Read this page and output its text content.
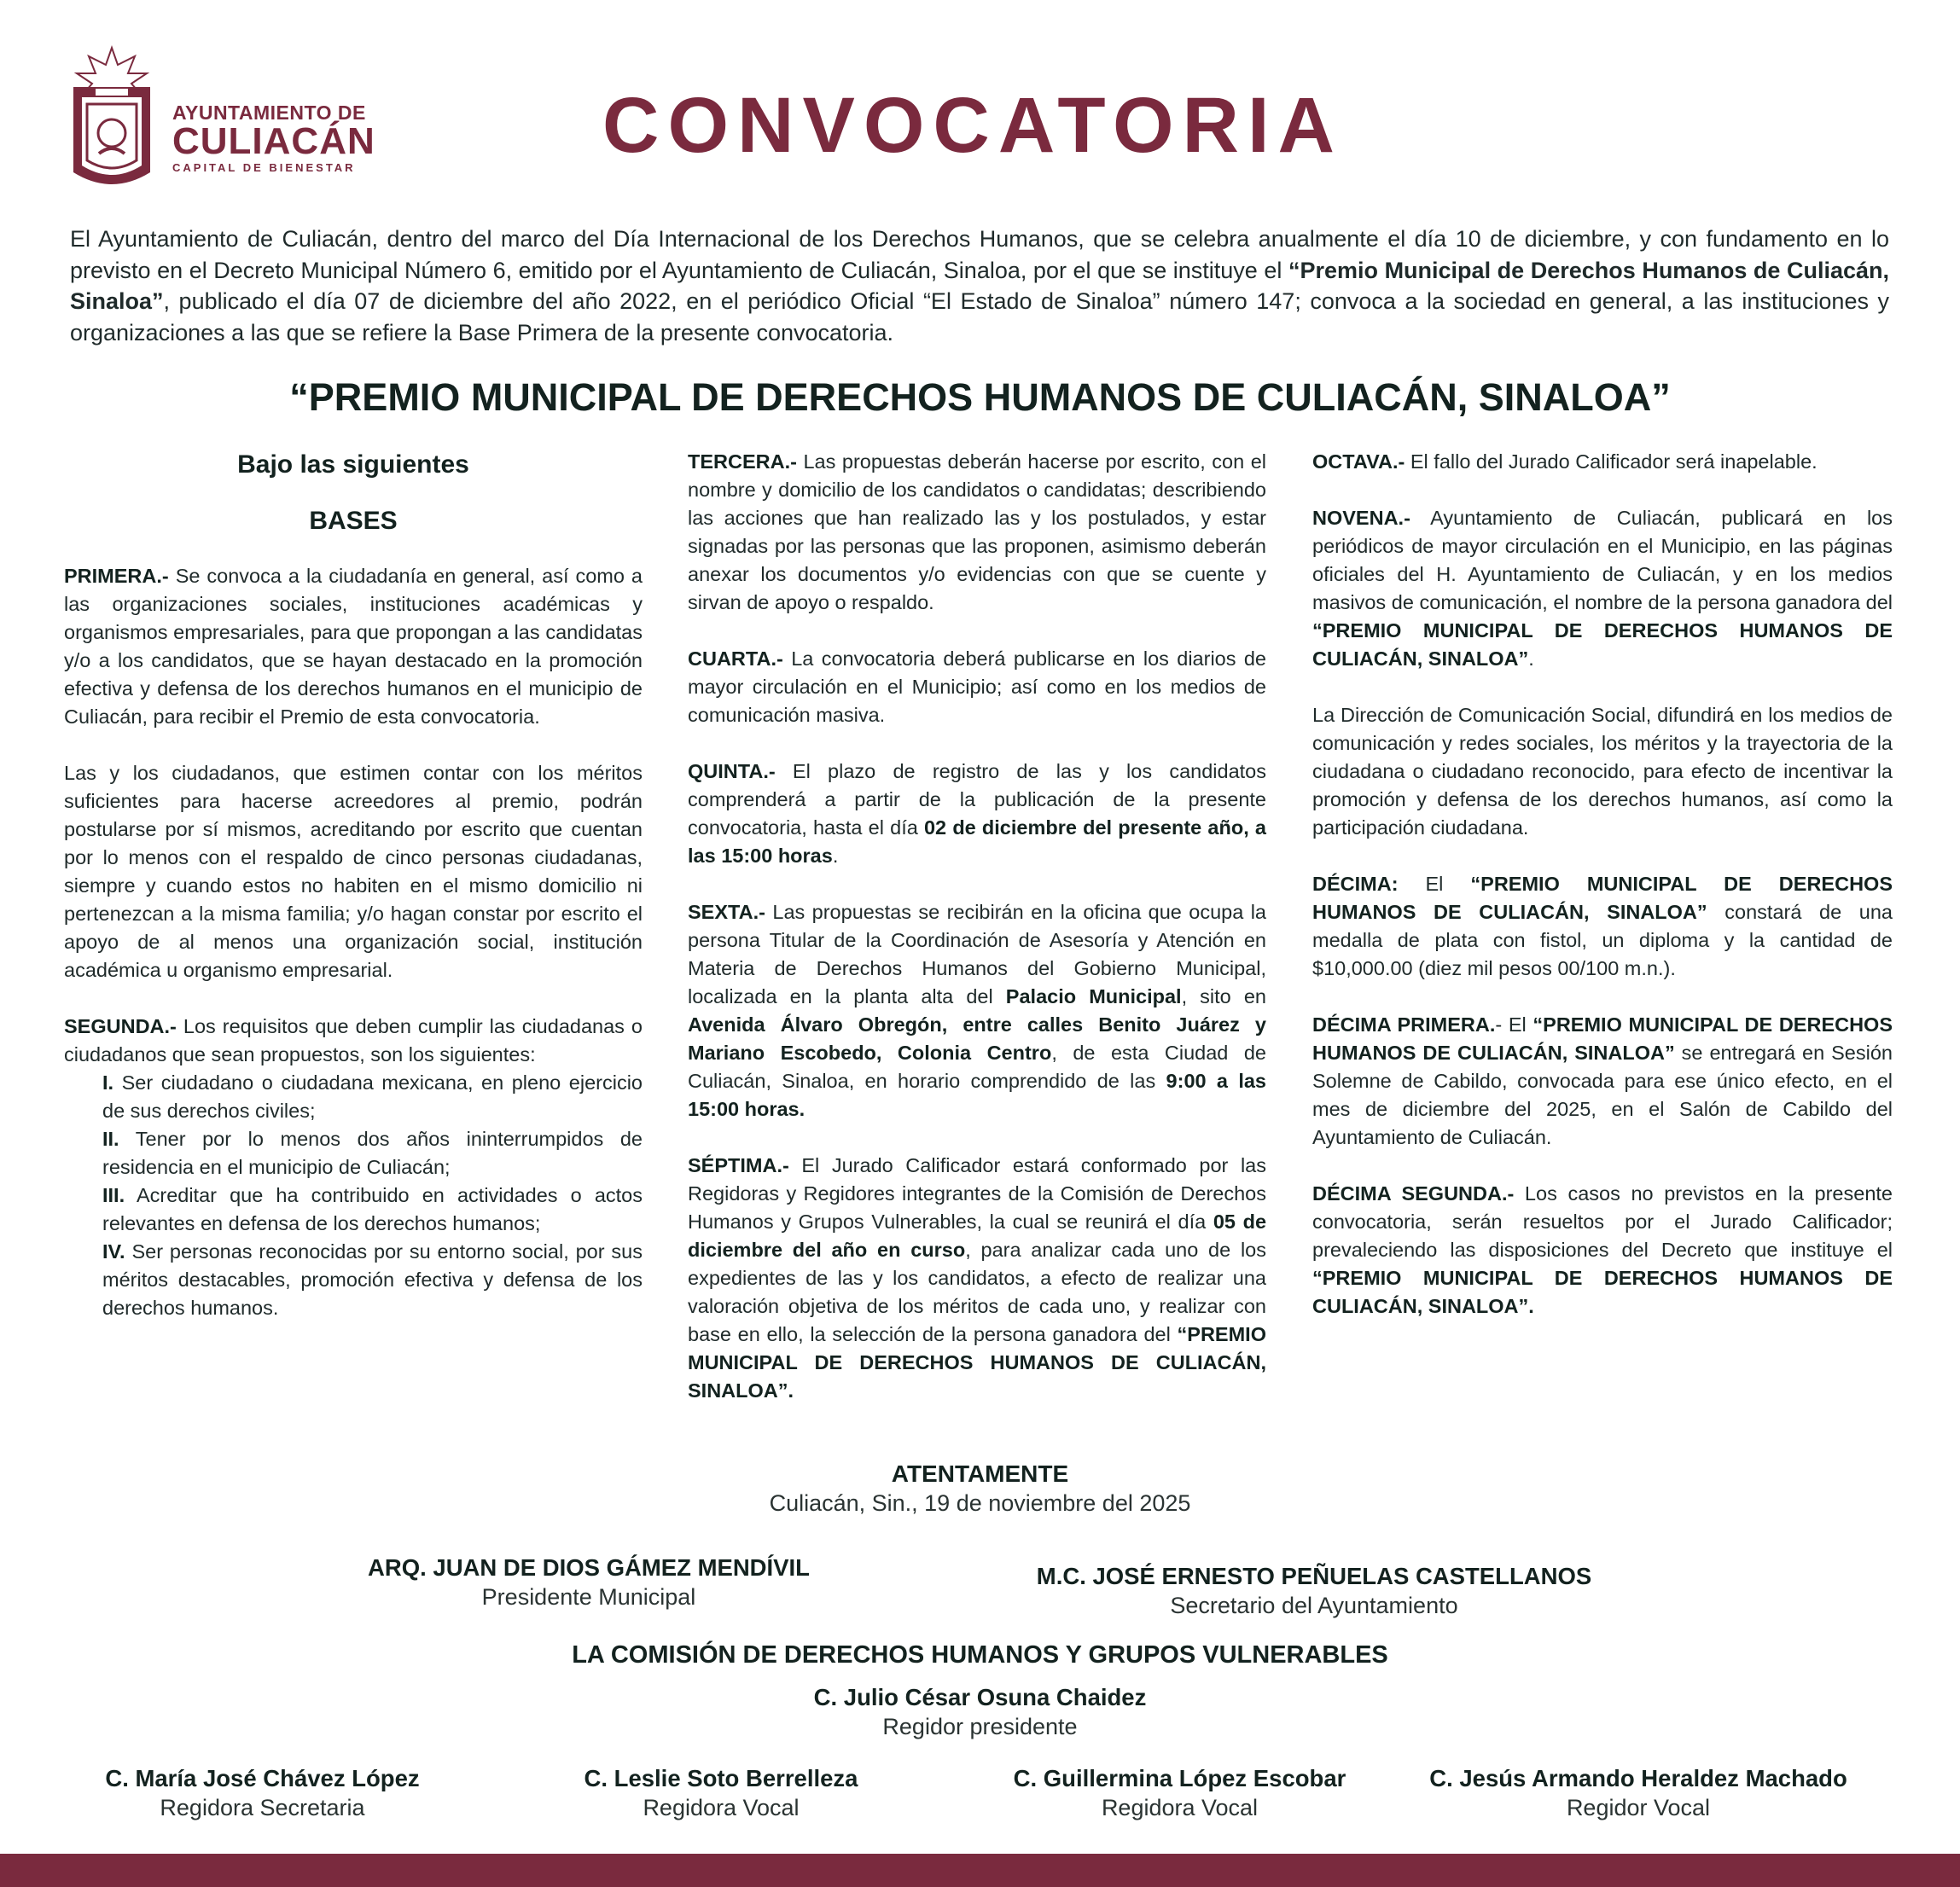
AYUNTAMIENTO DE
CULIACÁN
CAPITAL DE BIENESTAR	CONVOCATORIA
El Ayuntamiento de Culiacán, dentro del marco del Día Internacional de los Derechos Humanos, que se celebra anualmente el día 10 de diciembre, y con fundamento en lo previsto en el Decreto Municipal Número 6, emitido por el Ayuntamiento de Culiacán, Sinaloa, por el que se instituye el “Premio Municipal de Derechos Humanos de Culiacán, Sinaloa”, publicado el día 07 de diciembre del año 2022, en el periódico Oficial “El Estado de Sinaloa” número 147; convoca a la sociedad en general, a las instituciones y organizaciones a las que se refiere la Base Primera de la presente convocatoria.
“PREMIO MUNICIPAL DE DERECHOS HUMANOS DE CULIACÁN, SINALOA”
Bajo las siguientes
BASES

PRIMERA.- Se convoca a la ciudadanía en general, así como a las organizaciones sociales, instituciones académicas y organismos empresariales, para que propongan a las candidatas y/o a los candidatos, que se hayan destacado en la promoción efectiva y defensa de los derechos humanos en el municipio de Culiacán, para recibir el Premio de esta convocatoria.

Las y los ciudadanos, que estimen contar con los méritos suficientes para hacerse acreedores al premio, podrán postularse por sí mismos, acreditando por escrito que cuentan por lo menos con el respaldo de cinco personas ciudadanas, siempre y cuando estos no habiten en el mismo domicilio ni pertenezcan a la misma familia; y/o hagan constar por escrito el apoyo de al menos una organización social, institución académica u organismo empresarial.

SEGUNDA.- Los requisitos que deben cumplir las ciudadanas o ciudadanos que sean propuestos, son los siguientes:

I. Ser ciudadano o ciudadana mexicana, en pleno ejercicio de sus derechos civiles;

II. Tener por lo menos dos años ininterrumpidos de residencia en el municipio de Culiacán;

III. Acreditar que ha contribuido en actividades o actos relevantes en defensa de los derechos humanos;

IV. Ser personas reconocidas por su entorno social, por sus méritos destacables, promoción efectiva y defensa de los derechos humanos.

TERCERA.- Las propuestas deberán hacerse por escrito, con el nombre y domicilio de los candidatos o candidatas; describiendo las acciones que han realizado las y los postulados, y estar signadas por las personas que las proponen, asimismo deberán anexar los documentos y/o evidencias con que se cuente y sirvan de apoyo o respaldo.

CUARTA.- La convocatoria deberá publicarse en los diarios de mayor circulación en el Municipio; así como en los medios de comunicación masiva.

QUINTA.- El plazo de registro de las y los candidatos comprenderá a partir de la publicación de la presente convocatoria, hasta el día 02 de diciembre del presente año, a las 15:00 horas.

SEXTA.- Las propuestas se recibirán en la oficina que ocupa la persona Titular de la Coordinación de Asesoría y Atención en Materia de Derechos Humanos del Gobierno Municipal, localizada en la planta alta del Palacio Municipal, sito en Avenida Álvaro Obregón, entre calles Benito Juárez y Mariano Escobedo, Colonia Centro, de esta Ciudad de Culiacán, Sinaloa, en horario comprendido de las 9:00 a las 15:00 horas.

SÉPTIMA.- El Jurado Calificador estará conformado por las Regidoras y Regidores integrantes de la Comisión de Derechos Humanos y Grupos Vulnerables, la cual se reunirá el día 05 de diciembre del año en curso, para analizar cada uno de los expedientes de las y los candidatos, a efecto de realizar una valoración objetiva de los méritos de cada uno, y realizar con base en ello, la selección de la persona ganadora del “PREMIO MUNICIPAL DE DERECHOS HUMANOS DE CULIACÁN, SINALOA”.

OCTAVA.- El fallo del Jurado Calificador será inapelable.

NOVENA.- Ayuntamiento de Culiacán, publicará en los periódicos de mayor circulación en el Municipio, en las páginas oficiales del H. Ayuntamiento de Culiacán, y en los medios masivos de comunicación, el nombre de la persona ganadora del “PREMIO MUNICIPAL DE DERECHOS HUMANOS DE CULIACÁN, SINALOA”.

La Dirección de Comunicación Social, difundirá en los medios de comunicación y redes sociales, los méritos y la trayectoria de la ciudadana o ciudadano reconocido, para efecto de incentivar la promoción y defensa de los derechos humanos, así como la participación ciudadana.

DÉCIMA: El “PREMIO MUNICIPAL DE DERECHOS HUMANOS DE CULIACÁN, SINALOA” constará de una medalla de plata con fistol, un diploma y la cantidad de $10,000.00 (diez mil pesos 00/100 m.n.).

DÉCIMA PRIMERA.- El “PREMIO MUNICIPAL DE DERECHOS HUMANOS DE CULIACÁN, SINALOA” se entregará en Sesión Solemne de Cabildo, convocada para ese único efecto, en el mes de diciembre del 2025, en el Salón de Cabildo del Ayuntamiento de Culiacán.

DÉCIMA SEGUNDA.- Los casos no previstos en la presente convocatoria, serán resueltos por el Jurado Calificador; prevaleciendo las disposiciones del Decreto que instituye el “PREMIO MUNICIPAL DE DERECHOS HUMANOS DE CULIACÁN, SINALOA”.

ATENTAMENTE
Culiacán, Sin., 19 de noviembre del 2025
ARQ. JUAN DE DIOS GÁMEZ MENDÍVIL
Presidente Municipal
M.C. JOSÉ ERNESTO PEÑUELAS CASTELLANOS
Secretario del Ayuntamiento
LA COMISIÓN DE DERECHOS HUMANOS Y GRUPOS VULNERABLES
C. Julio César Osuna Chaidez
Regidor presidente
C. María José Chávez López
Regidora Secretaria
C. Leslie Soto Berrelleza
Regidora Vocal
C. Guillermina López Escobar
Regidora Vocal
C. Jesús Armando Heraldez Machado
Regidor Vocal
